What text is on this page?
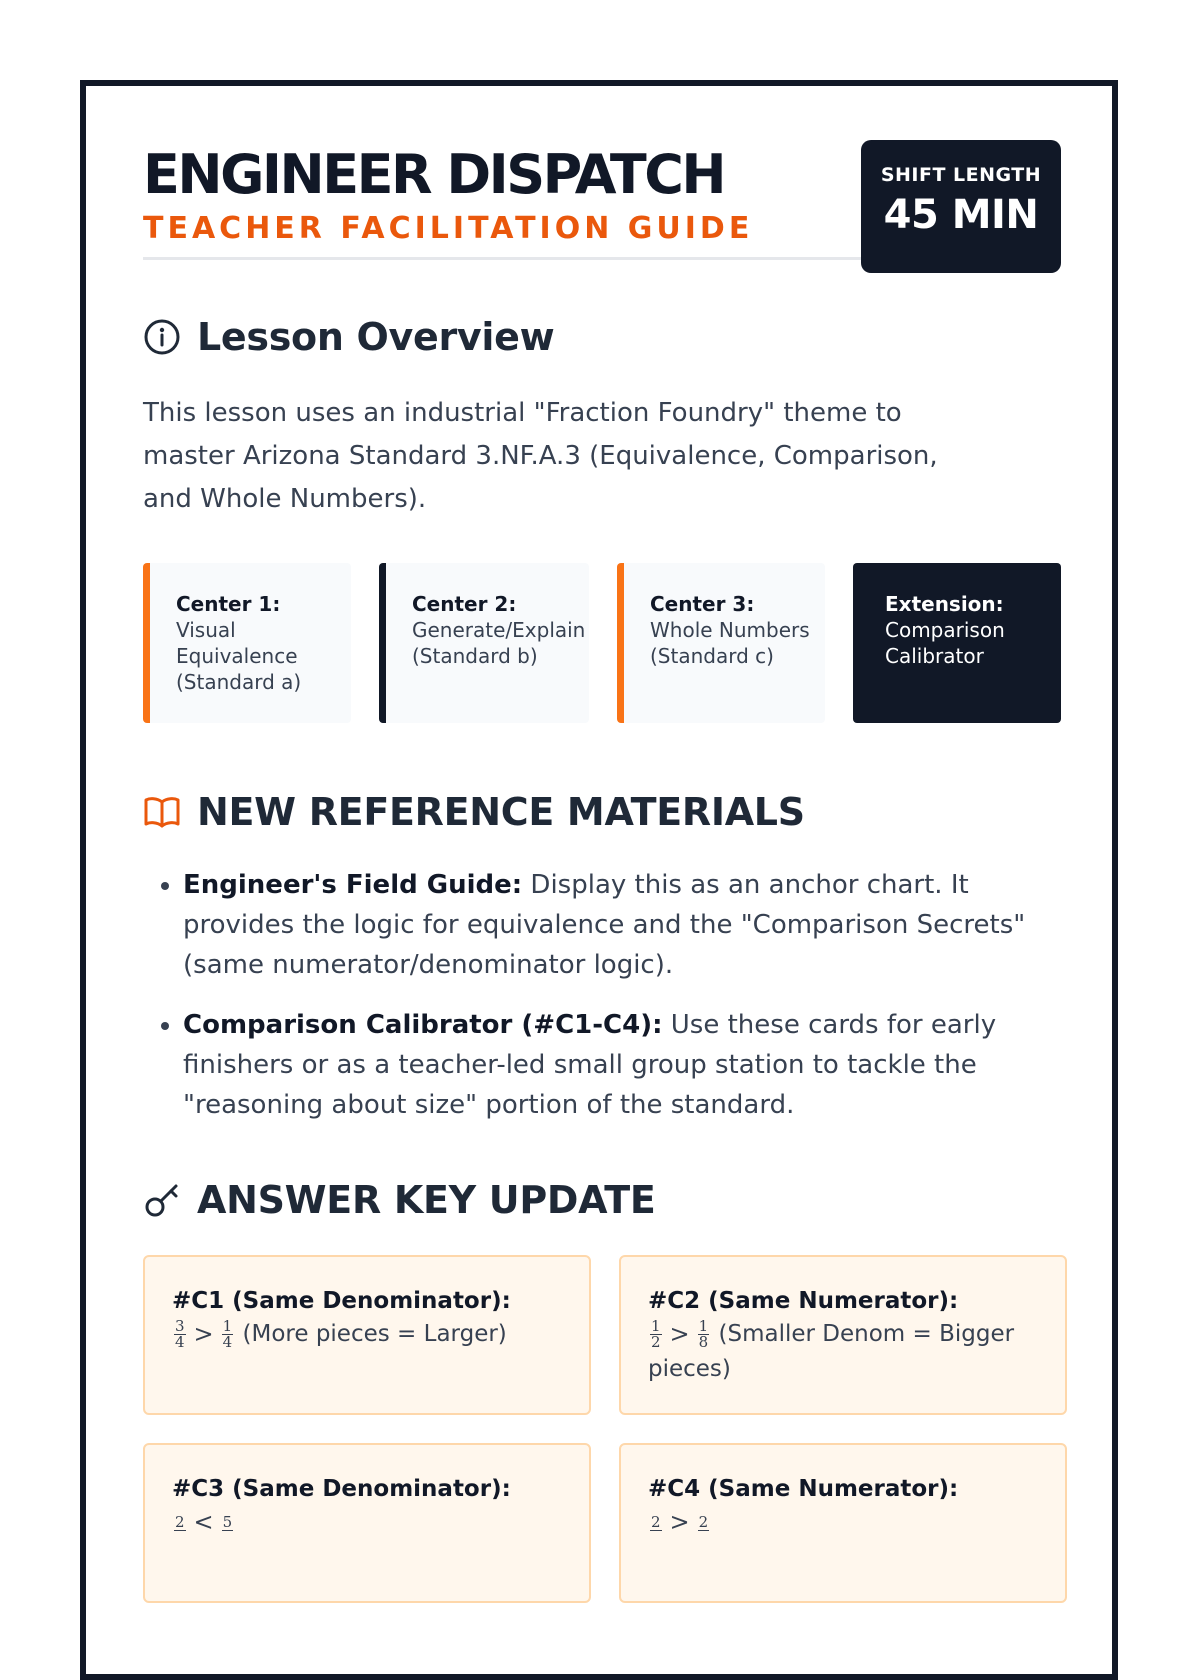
ENGINEER DISPATCH
TEACHER FACILITATION GUIDE
SHIFT LENGTH
45 MIN
Lesson Overview
This lesson uses an industrial "Fraction Foundry" theme to master Arizona Standard 3.NF.A.3 (Equivalence, Comparison, and Whole Numbers).
Center 1:
Visual Equivalence (Standard a)
Center 2:
Generate/Explain (Standard b)
Center 3:
Whole Numbers (Standard c)
Extension:
Comparison Calibrator
NEW REFERENCE MATERIALS
• Engineer's Field Guide: Display this as an anchor chart. It provides the logic for equivalence and the "Comparison Secrets" (same numerator/denominator logic).
• Comparison Calibrator (#C1-C4): Use these cards for early finishers or as a teacher-led small group station to tackle the "reasoning about size" portion of the standard.
ANSWER KEY UPDATE
#C1 (Same Denominator):
$\frac{3}{4} > \frac{1}{4}$ (More pieces = Larger)
#C2 (Same Numerator):
$\frac{1}{2} > \frac{1}{8}$ (Smaller Denom = Bigger pieces)
#C3 (Same Denominator):
2 < 5
#C4 (Same Numerator):
2 > 2
